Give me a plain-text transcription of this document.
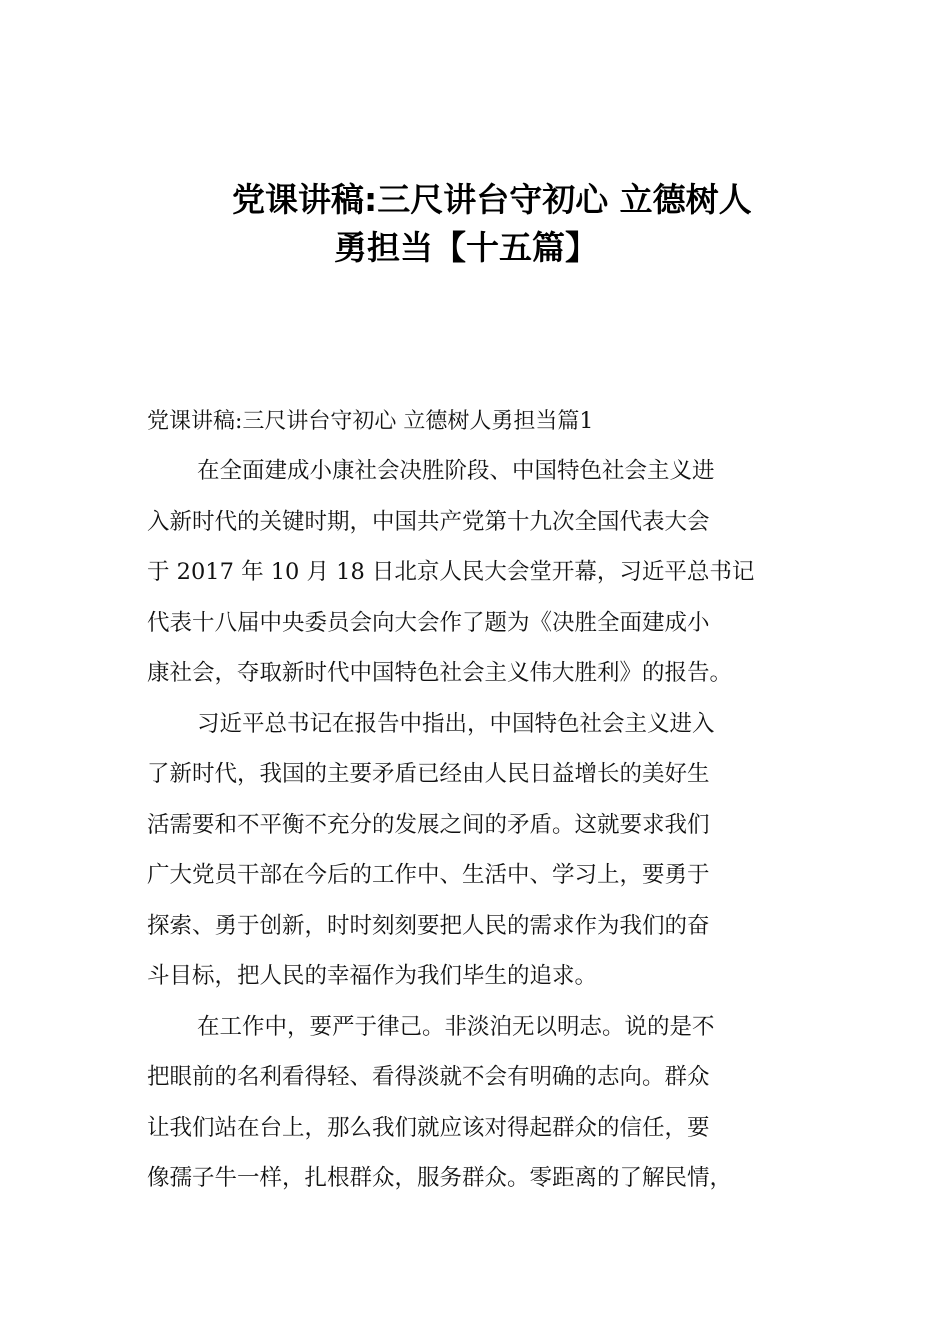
党课讲稿:三尺讲台守初心 立德树人
勇担当【十五篇】
党课讲稿:三尺讲台守初心 立德树人勇担当篇1
在全面建成小康社会决胜阶段、中国特色社会主义进
入新时代的关键时期，中国共产党第十九次全国代表大会
于 2017 年 10 月 18 日北京人民大会堂开幕，习近平总书记
代表十八届中央委员会向大会作了题为《决胜全面建成小
康社会，夺取新时代中国特色社会主义伟大胜利》的报告。
习近平总书记在报告中指出，中国特色社会主义进入
了新时代，我国的主要矛盾已经由人民日益增长的美好生
活需要和不平衡不充分的发展之间的矛盾。这就要求我们
广大党员干部在今后的工作中、生活中、学习上，要勇于
探索、勇于创新，时时刻刻要把人民的需求作为我们的奋
斗目标，把人民的幸福作为我们毕生的追求。
在工作中，要严于律己。非淡泊无以明志。说的是不
把眼前的名利看得轻、看得淡就不会有明确的志向。群众
让我们站在台上，那么我们就应该对得起群众的信任，要
像孺子牛一样，扎根群众，服务群众。零距离的了解民情，
